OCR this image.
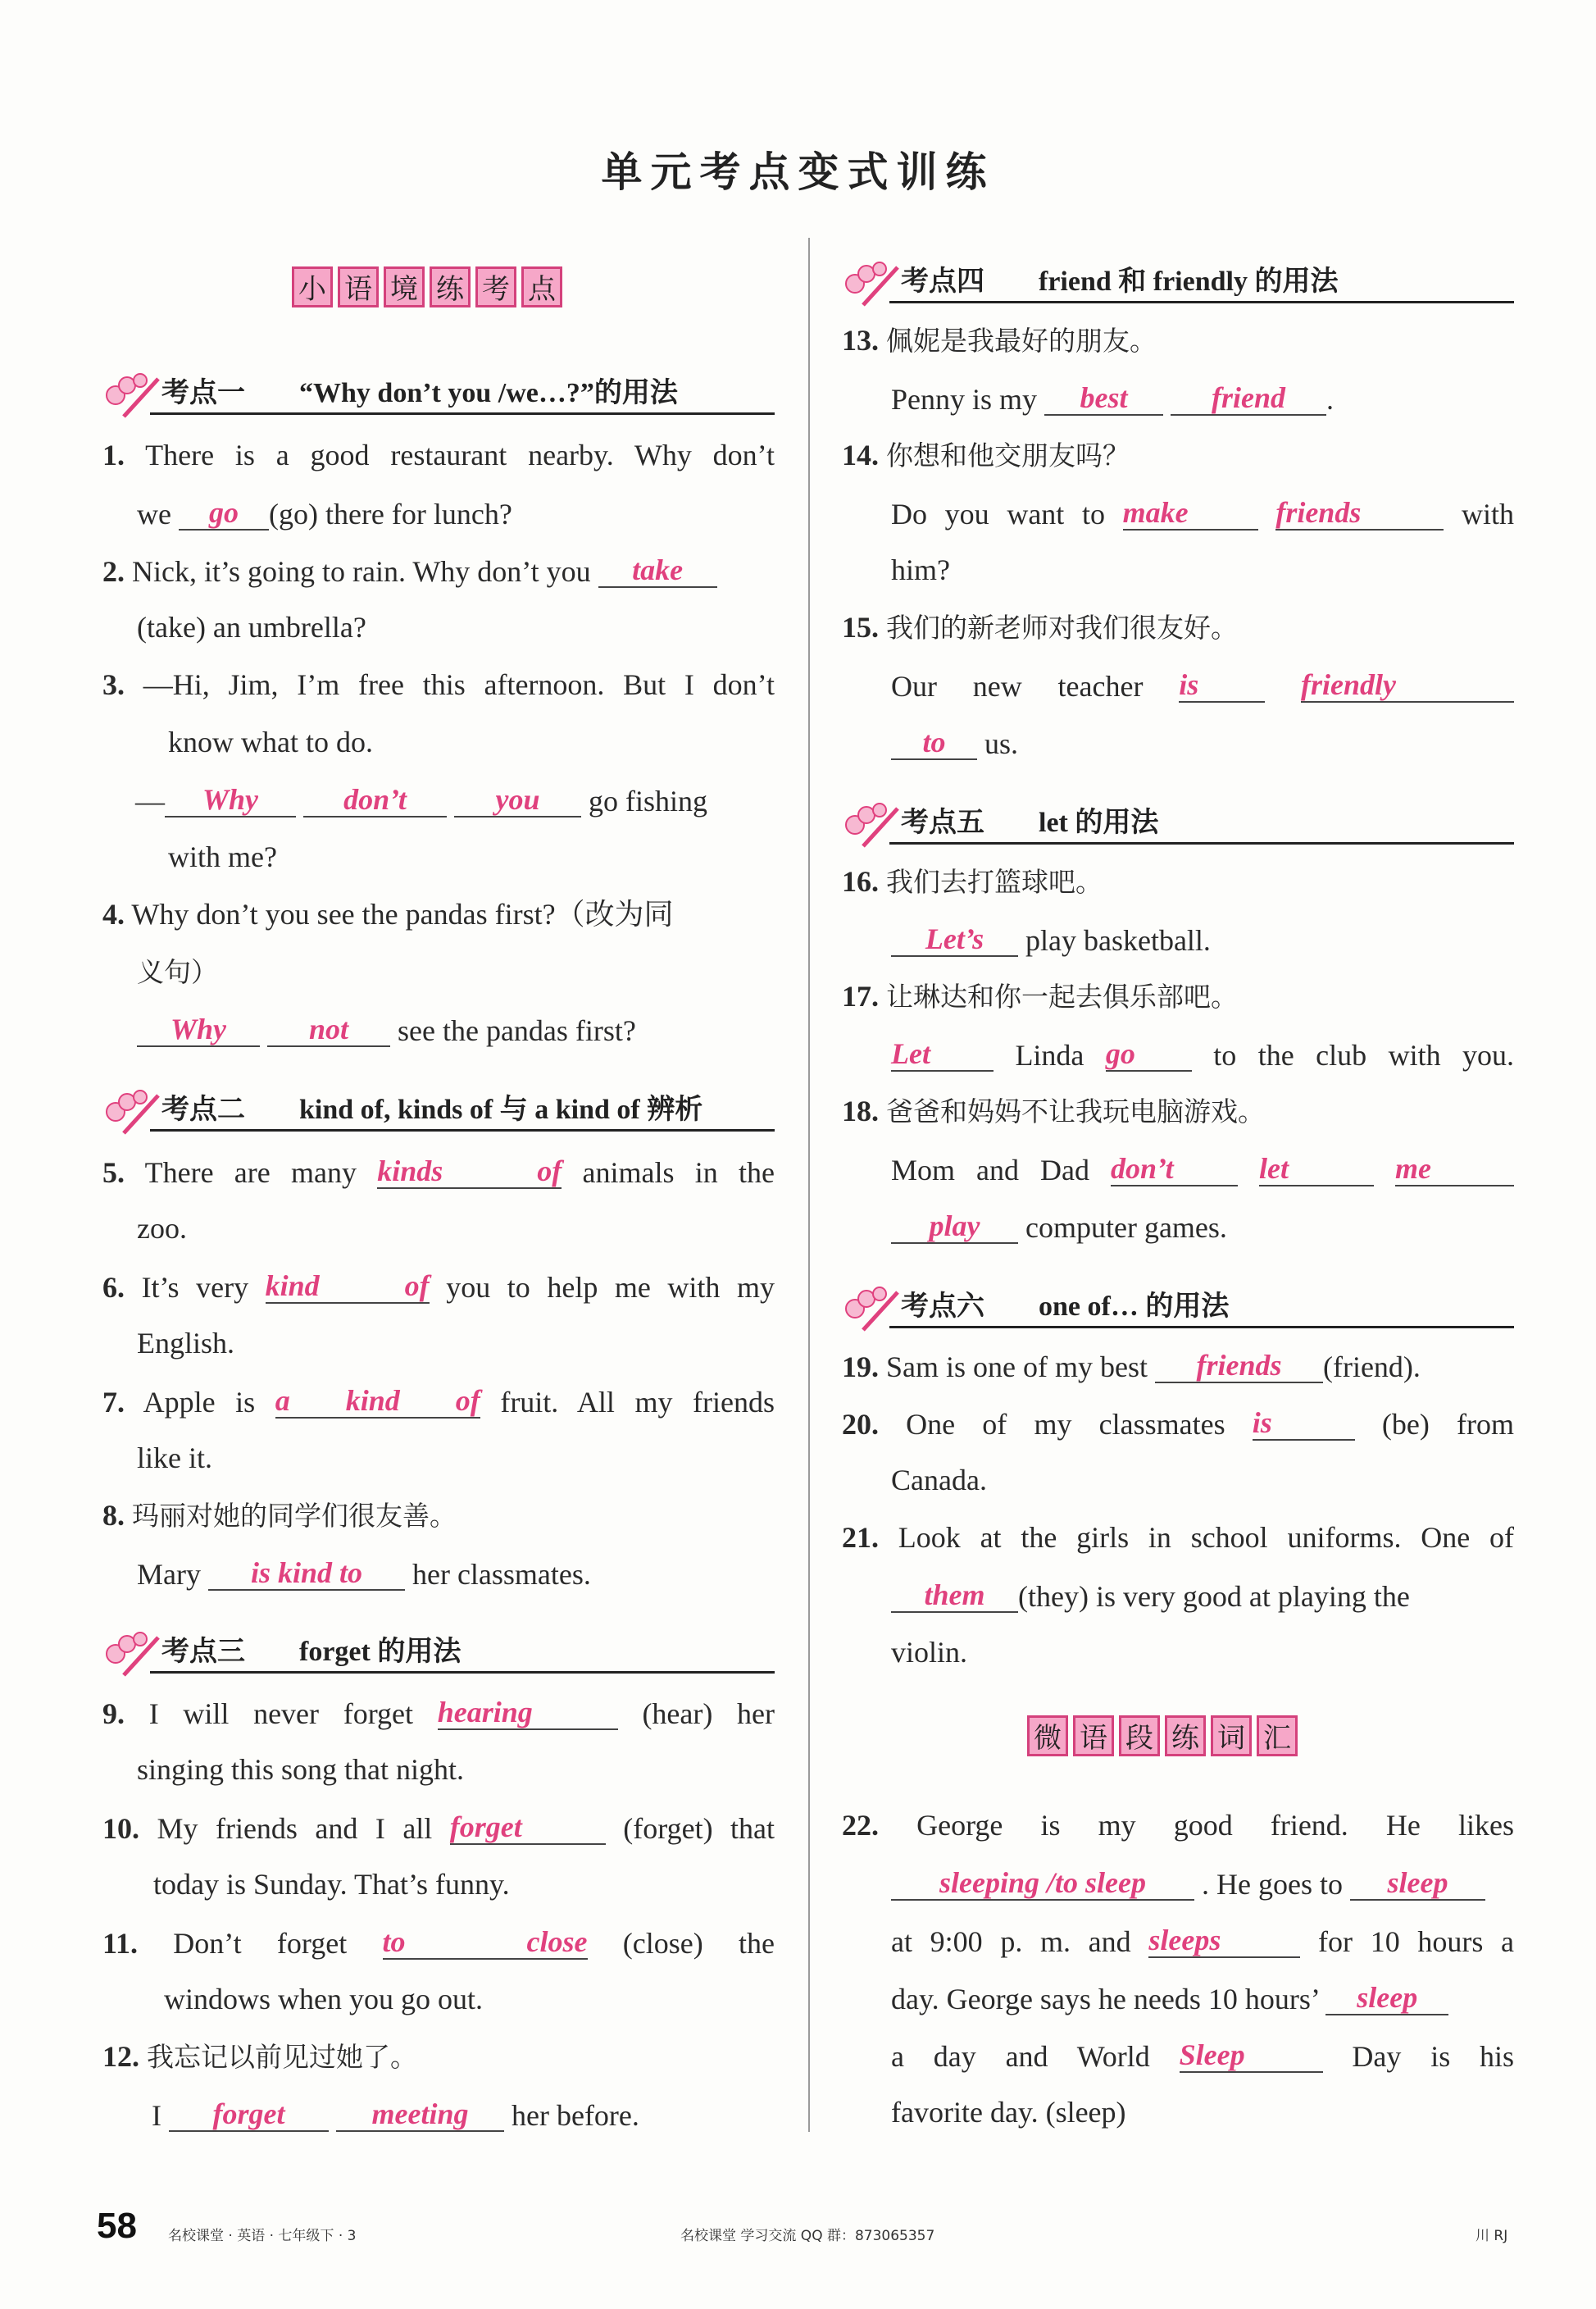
单元考点变式训练
小 语 境 练 考 点
考点一 “Why don’t you /we…?”的用法
1. There is a good restaurant nearby. Why don’t
we go (go) there for lunch?
2. Nick, it’s going to rain. Why don’t you take
(take) an umbrella?
3. —Hi, Jim, I’m free this afternoon. But I don’t
know what to do.
— Why	don’t	you go fishing
with me?
4. Why don’t you see the pandas first?（改为同
义句）
Why	not see the pandas first?
考点二 kind of, kinds of 与 a kind of 辨析
5. There are many kinds of animals in the
zoo.
6. It’s very kind of you to help me with my
English.
7. Apple is a kind of fruit. All my friends
like it.
8. 玛丽对她的同学们很友善。
Mary is kind to her classmates.
考点三 forget 的用法
9. I will never forget hearing	(hear) her
singing this song that night.
10. My friends and I all forget	(forget) that
today is Sunday. That’s funny.
11. Don’t forget to close (close) the
windows when you go out.
12. 我忘记以前见过她了。
I forget	meeting her before.
考点四 friend 和 friendly 的用法
13. 佩妮是我最好的朋友。
Penny is my best	friend .
14. 你想和他交朋友吗？
Do you want to make	friends	with
him?
15. 我们的新老师对我们很友好。
Our new teacher is	friendly
to us.
考点五 let 的用法
16. 我们去打篮球吧。
Let’s play basketball.
17. 让琳达和你一起去俱乐部吧。
Let	Linda go	to the club with you.
18. 爸爸和妈妈不让我玩电脑游戏。
Mom and Dad don’t	let	me
play computer games.
考点六 one of… 的用法
19. Sam is one of my best friends (friend).
20. One of my classmates is	(be) from
Canada.
21. Look at the girls in school uniforms. One of
them (they) is very good at playing the
violin.
微 语 段 练 词 汇
22. George is my good friend. He likes
sleeping /to sleep . He goes to sleep
at 9:00 p. m. and sleeps	for 10 hours a
day. George says he needs 10 hours’ sleep
a day and World Sleep	Day is his
favorite day. (sleep)
58 名校课堂 · 英语 · 七年级下 · 3	名校课堂 学习交流 QQ 群：873065357	川 RJ
